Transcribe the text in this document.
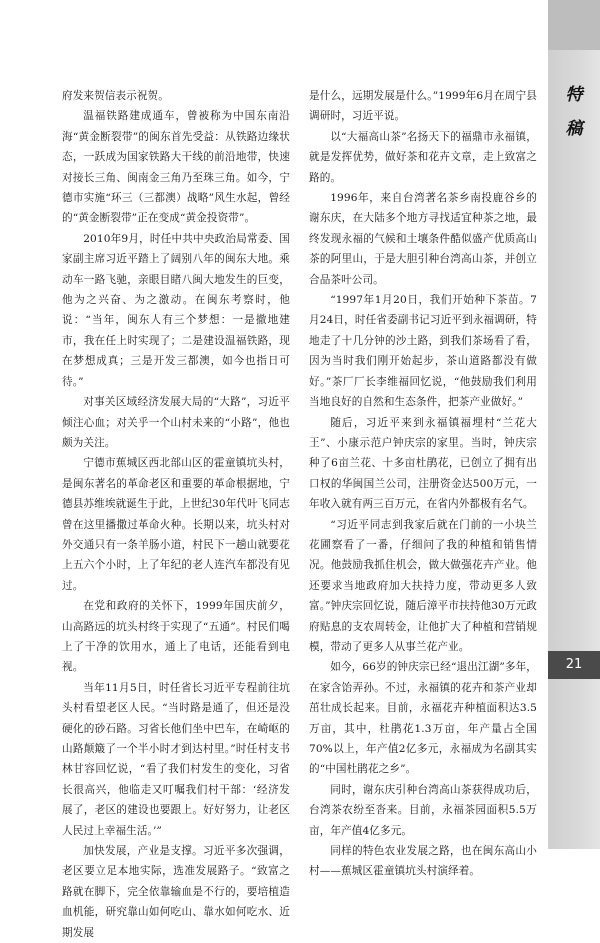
特
稿
21

府发来贺信表示祝贺。

温福铁路建成通车，曾被称为中国东南沿海“黄金断裂带”的闽东首先受益：从铁路边缘状态，一跃成为国家铁路大干线的前沿地带，快速对接长三角、闽南金三角乃至珠三角。如今，宁德市实施“环三（三都澳）战略”风生水起，曾经的“黄金断裂带”正在变成“黄金投资带”。

2010年9月，时任中共中央政治局常委、国家副主席习近平踏上了阔别八年的闽东大地。乘动车一路飞驰，亲眼目睹八闽大地发生的巨变，他为之兴奋、为之激动。在闽东考察时，他说：“当年，闽东人有三个梦想：一是撤地建市，我在任上时实现了；二是建设温福铁路，现在梦想成真；三是开发三都澳，如今也指日可待。”

对事关区域经济发展大局的“大路”，习近平倾注心血；对关乎一个山村未来的“小路”，他也颇为关注。

宁德市蕉城区西北部山区的霍童镇坑头村，是闽东著名的革命老区和重要的革命根据地，宁德县苏维埃就诞生于此，上世纪30年代叶飞同志曾在这里播撒过革命火种。长期以来，坑头村对外交通只有一条羊肠小道，村民下一趟山就要花上五六个小时，上了年纪的老人连汽车都没有见过。

在党和政府的关怀下，1999年国庆前夕，山高路远的坑头村终于实现了“五通”。村民们喝上了干净的饮用水，通上了电话，还能看到电视。

当年11月5日，时任省长习近平专程前往坑头村看望老区人民。“当时路是通了，但还是没硬化的砂石路。习省长他们坐中巴车，在崎岖的山路颠簸了一个半小时才到达村里。”时任村支书林甘容回忆说，“看了我们村发生的变化，习省长很高兴，他临走又叮嘱我们村干部：‘经济发展了，老区的建设也要跟上。好好努力，让老区人民过上幸福生活。’”

加快发展，产业是支撑。习近平多次强调，老区要立足本地实际，选准发展路子。“致富之路就在脚下，完全依靠输血是不行的，要培植造血机能，研究靠山如何吃山、靠水如何吃水、近期发展

是什么，远期发展是什么。”1999年6月在周宁县调研时，习近平说。

以“大福高山茶”名扬天下的福鼎市永福镇，就是发挥优势，做好茶和花卉文章，走上致富之路的。

1996年，来自台湾著名茶乡南投鹿谷乡的谢东庆，在大陆多个地方寻找适宜种茶之地，最终发现永福的气候和土壤条件酷似盛产优质高山茶的阿里山，于是大胆引种台湾高山茶，并创立合品茶叶公司。

“1997年1月20日，我们开始种下茶苗。7月24日，时任省委副书记习近平到永福调研，特地走了十几分钟的沙土路，到我们茶场看了看，因为当时我们刚开始起步，茶山道路都没有做好。”茶厂厂长李维福回忆说，“他鼓励我们利用当地良好的自然和生态条件，把茶产业做好。”

随后，习近平来到永福镇福埋村“兰花大王”、小康示范户钟庆宗的家里。当时，钟庆宗种了6亩兰花、十多亩杜鹃花，已创立了拥有出口权的华闽国兰公司，注册资金达500万元，一年收入就有两三百万元，在省内外都极有名气。

“习近平同志到我家后就在门前的一小块兰花圃察看了一番，仔细问了我的种植和销售情况。他鼓励我抓住机会，做大做强花卉产业。他还要求当地政府加大扶持力度，带动更多人致富。”钟庆宗回忆说，随后漳平市扶持他30万元政府贴息的支农周转金，让他扩大了种植和营销规模，带动了更多人从事兰花产业。

如今，66岁的钟庆宗已经“退出江湖”多年，在家含饴弄孙。不过，永福镇的花卉和茶产业却茁壮成长起来。目前，永福花卉种植面积达3.5万亩，其中，杜鹃花1.3万亩，年产量占全国70%以上，年产值2亿多元，永福成为名副其实的“中国杜鹃花之乡”。

同时，谢东庆引种台湾高山茶获得成功后，台湾茶农纷至沓来。目前，永福茶园面积5.5万亩，年产值4亿多元。

同样的特色农业发展之路，也在闽东高山小村——蕉城区霍童镇坑头村演绎着。
